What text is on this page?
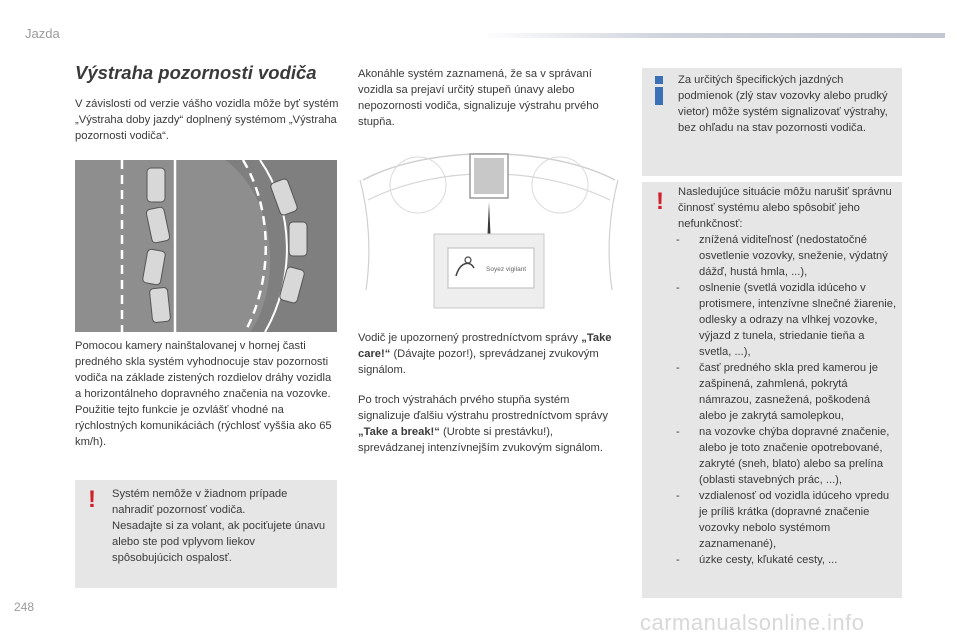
Jazda
Výstraha pozornosti vodiča

V závislosti od verzie vášho vozidla môže byť systém „Výstraha doby jazdy“ doplnený systémom „Výstraha pozornosti vodiča“.

Pomocou kamery nainštalovanej v hornej časti predného skla systém vyhodnocuje stav pozornosti vodiča na základe zistených rozdielov dráhy vozidla a horizontálneho dopravného značenia na vozovke.

Použitie tejto funkcie je ozvlášť vhodné na rýchlostných komunikáciách (rýchlosť vyššia ako 65 km/h).

! Systém nemôže v žiadnom prípade nahradiť pozornosť vodiča.

Nesadajte si za volant, ak pociťujete únavu alebo ste pod vplyvom liekov spôsobujúcich ospalosť.

Akonáhle systém zaznamená, že sa v správaní vozidla sa prejaví určitý stupeň únavy alebo nepozornosti vodiča, signalizuje výstrahu prvého stupňa.

Soyez vigilant

Vodič je upozornený prostredníctvom správy „Take care!“ (Dávajte pozor!), sprevádzanej zvukovým signálom.

Po troch výstrahách prvého stupňa systém signalizuje ďalšiu výstrahu prostredníctvom správy „Take a break!“ (Urobte si prestávku!), sprevádzanej intenzívnejším zvukovým signálom.

Za určitých špecifických jazdných podmienok (zlý stav vozovky alebo prudký vietor) môže systém signalizovať výstrahy, bez ohľadu na stav pozornosti vodiča.

! Nasledujúce situácie môžu narušiť správnu činnosť systému alebo spôsobiť jeho nefunkčnosť:

- znížená viditeľnosť (nedostatočné osvetlenie vozovky, sneženie, výdatný dážď, hustá hmla, ...),
- oslnenie (svetlá vozidla idúceho v protismere, intenzívne slnečné žiarenie, odlesky a odrazy na vlhkej vozovke, výjazd z tunela, striedanie tieňa a svetla, ...),
- časť predného skla pred kamerou je zašpinená, zahmlená, pokrytá námrazou, zasnežená, poškodená alebo je zakrytá samolepkou,
- na vozovke chýba dopravné značenie, alebo je toto značenie opotrebované, zakryté (sneh, blato) alebo sa prelína (oblasti stavebných prác, ...),
- vzdialenosť od vozidla idúceho vpredu je príliš krátka (dopravné značenie vozovky nebolo systémom zaznamenané),
- úzke cesty, kľukaté cesty, ...
248
carmanualsonline.info
